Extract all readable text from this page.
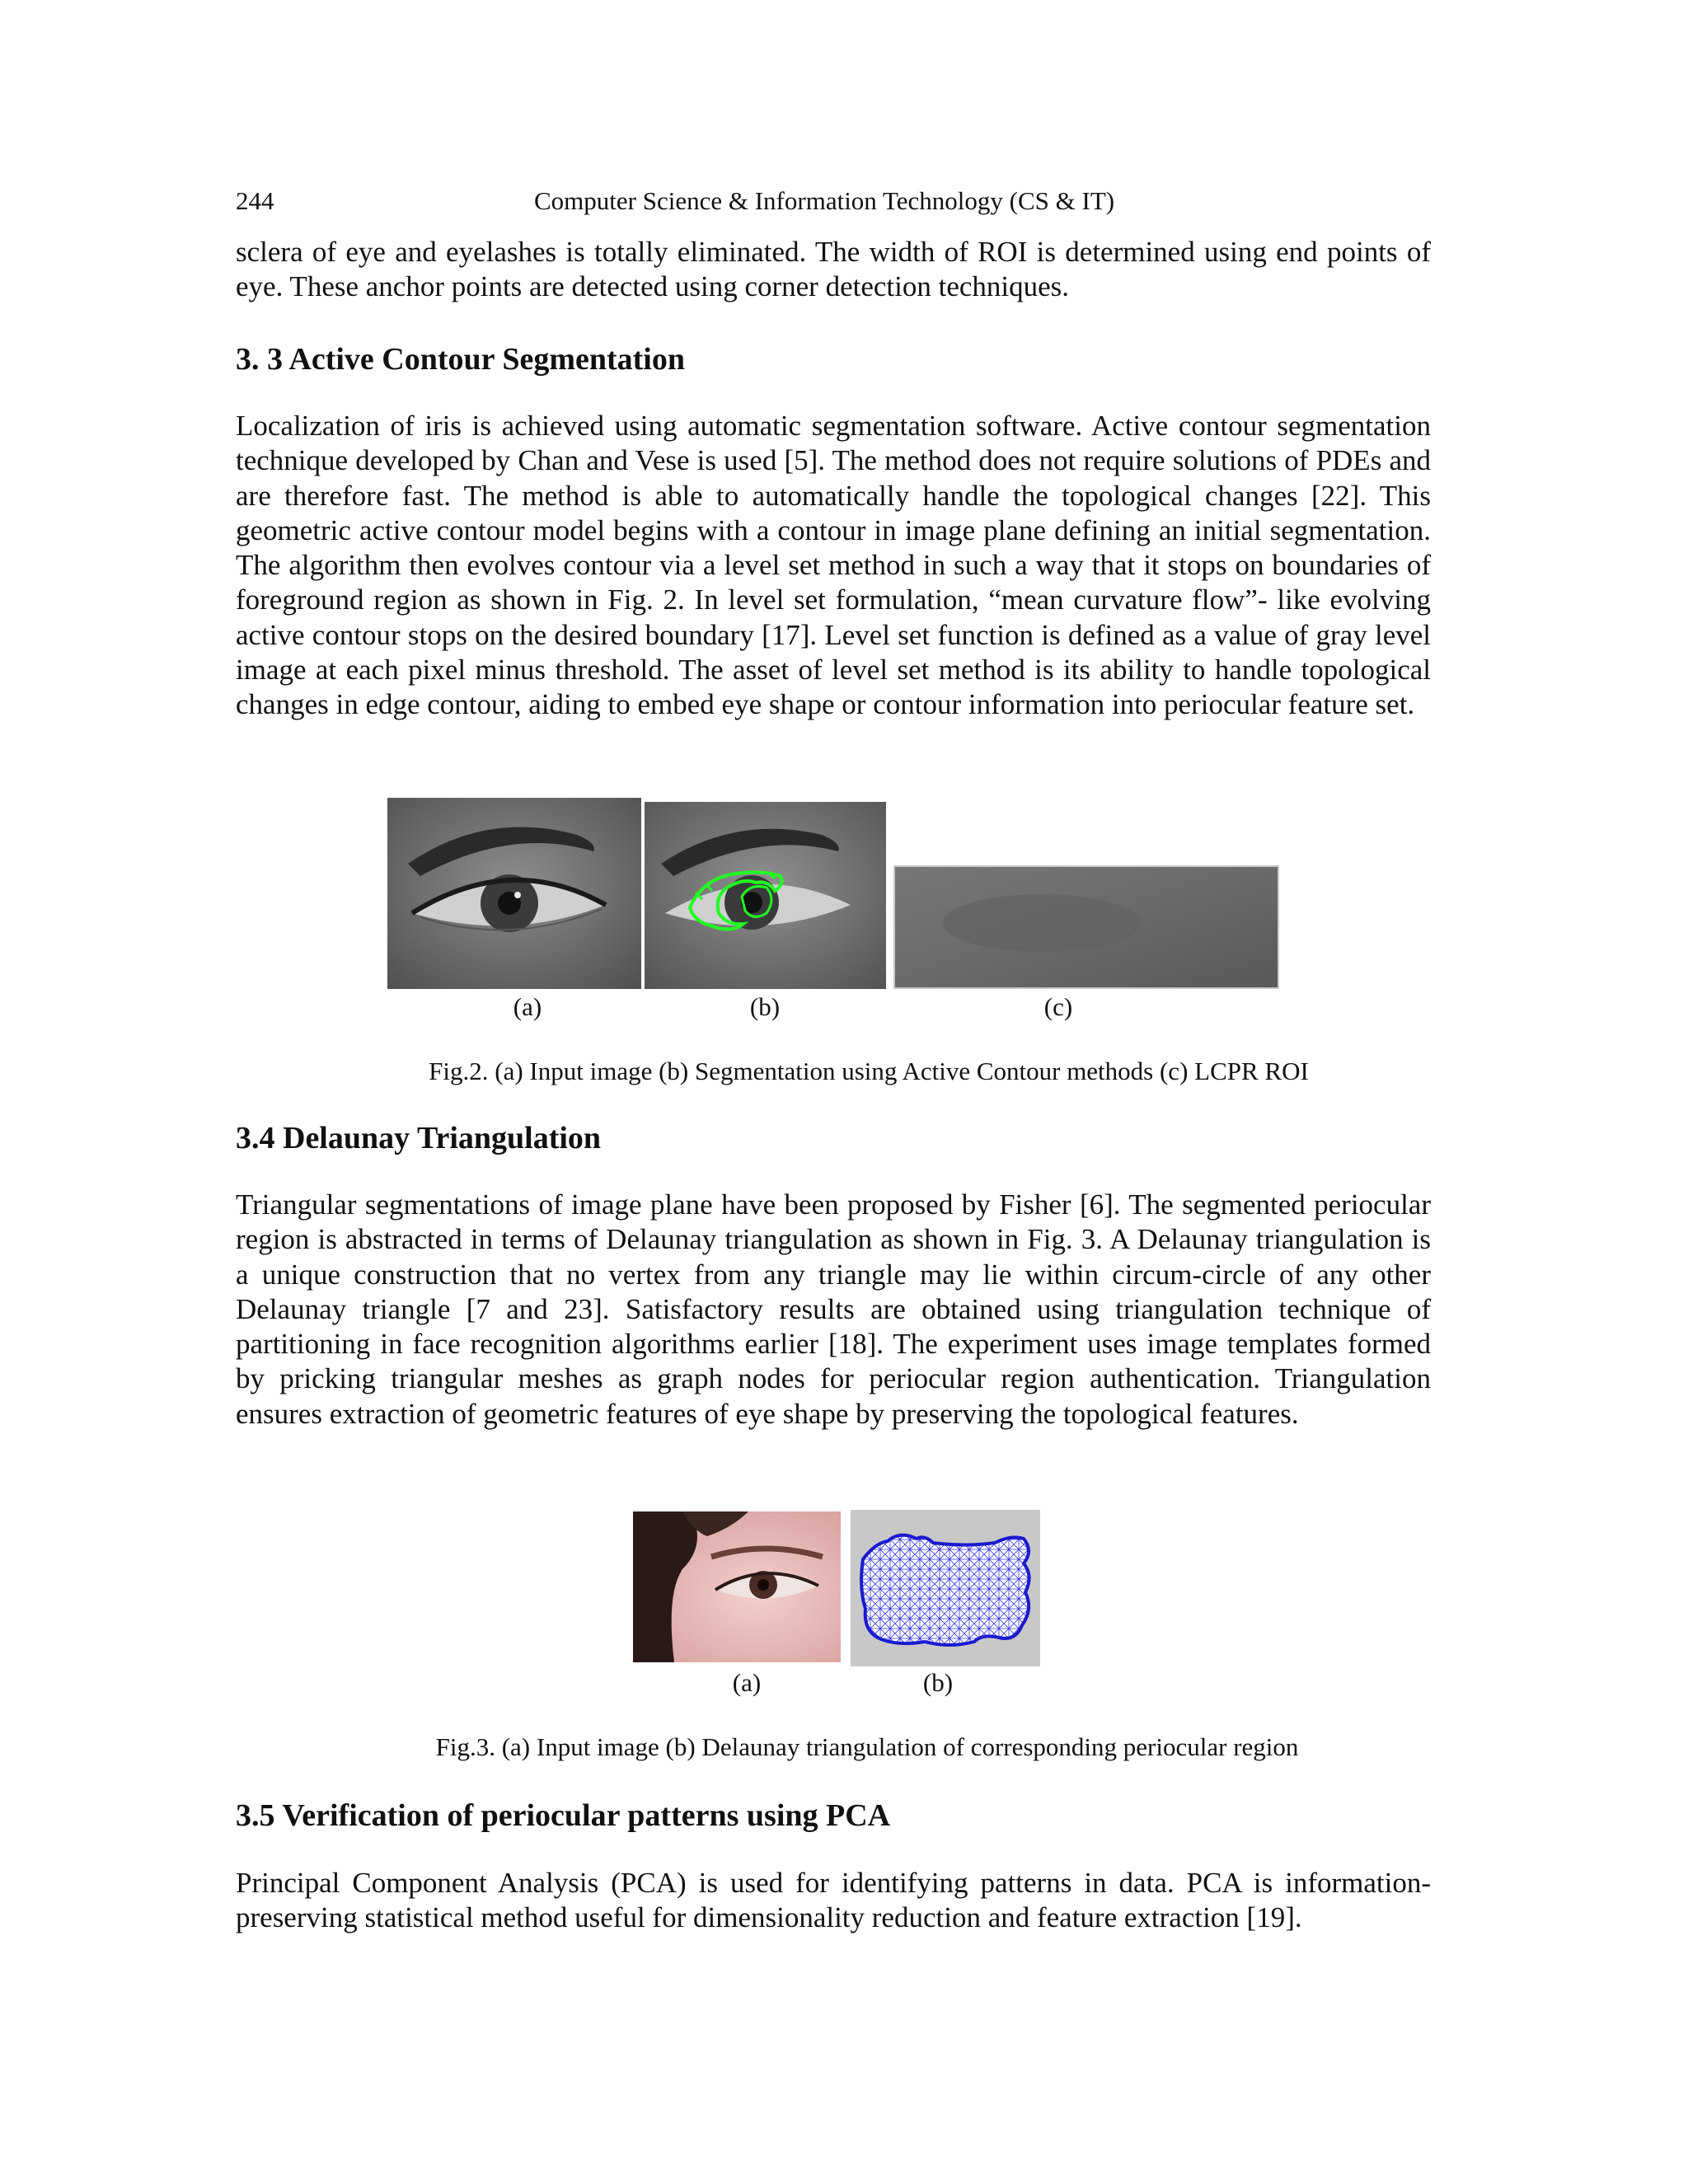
244	Computer Science & Information Technology (CS & IT)

sclera of eye and eyelashes is totally eliminated. The width of ROI is determined using end points of eye. These anchor points are detected using corner detection techniques.

3. 3 Active Contour Segmentation

Localization of iris is achieved using automatic segmentation software. Active contour segmentation technique developed by Chan and Vese is used [5]. The method does not require solutions of PDEs and are therefore fast. The method is able to automatically handle the topological changes [22]. This geometric active contour model begins with a contour in image plane defining an initial segmentation. The algorithm then evolves contour via a level set method in such a way that it stops on boundaries of foreground region as shown in Fig. 2. In level set formulation, “mean curvature flow”- like evolving active contour stops on the desired boundary [17]. Level set function is defined as a value of gray level image at each pixel minus threshold. The asset of level set method is its ability to handle topological changes in edge contour, aiding to embed eye shape or contour information into periocular feature set.

(a)	(b)	(c)
Fig.2. (a) Input image (b) Segmentation using Active Contour methods (c) LCPR ROI
3.4 Delaunay Triangulation

Triangular segmentations of image plane have been proposed by Fisher [6]. The segmented periocular region is abstracted in terms of Delaunay triangulation as shown in Fig. 3. A Delaunay triangulation is a unique construction that no vertex from any triangle may lie within circum-circle of any other Delaunay triangle [7 and 23]. Satisfactory results are obtained using triangulation technique of partitioning in face recognition algorithms earlier [18]. The experiment uses image templates formed by pricking triangular meshes as graph nodes for periocular region authentication. Triangulation ensures extraction of geometric features of eye shape by preserving the topological features.

(a)	(b)
Fig.3. (a) Input image (b) Delaunay triangulation of corresponding periocular region
3.5 Verification of periocular patterns using PCA

Principal Component Analysis (PCA) is used for identifying patterns in data. PCA is information-preserving statistical method useful for dimensionality reduction and feature extraction [19].
